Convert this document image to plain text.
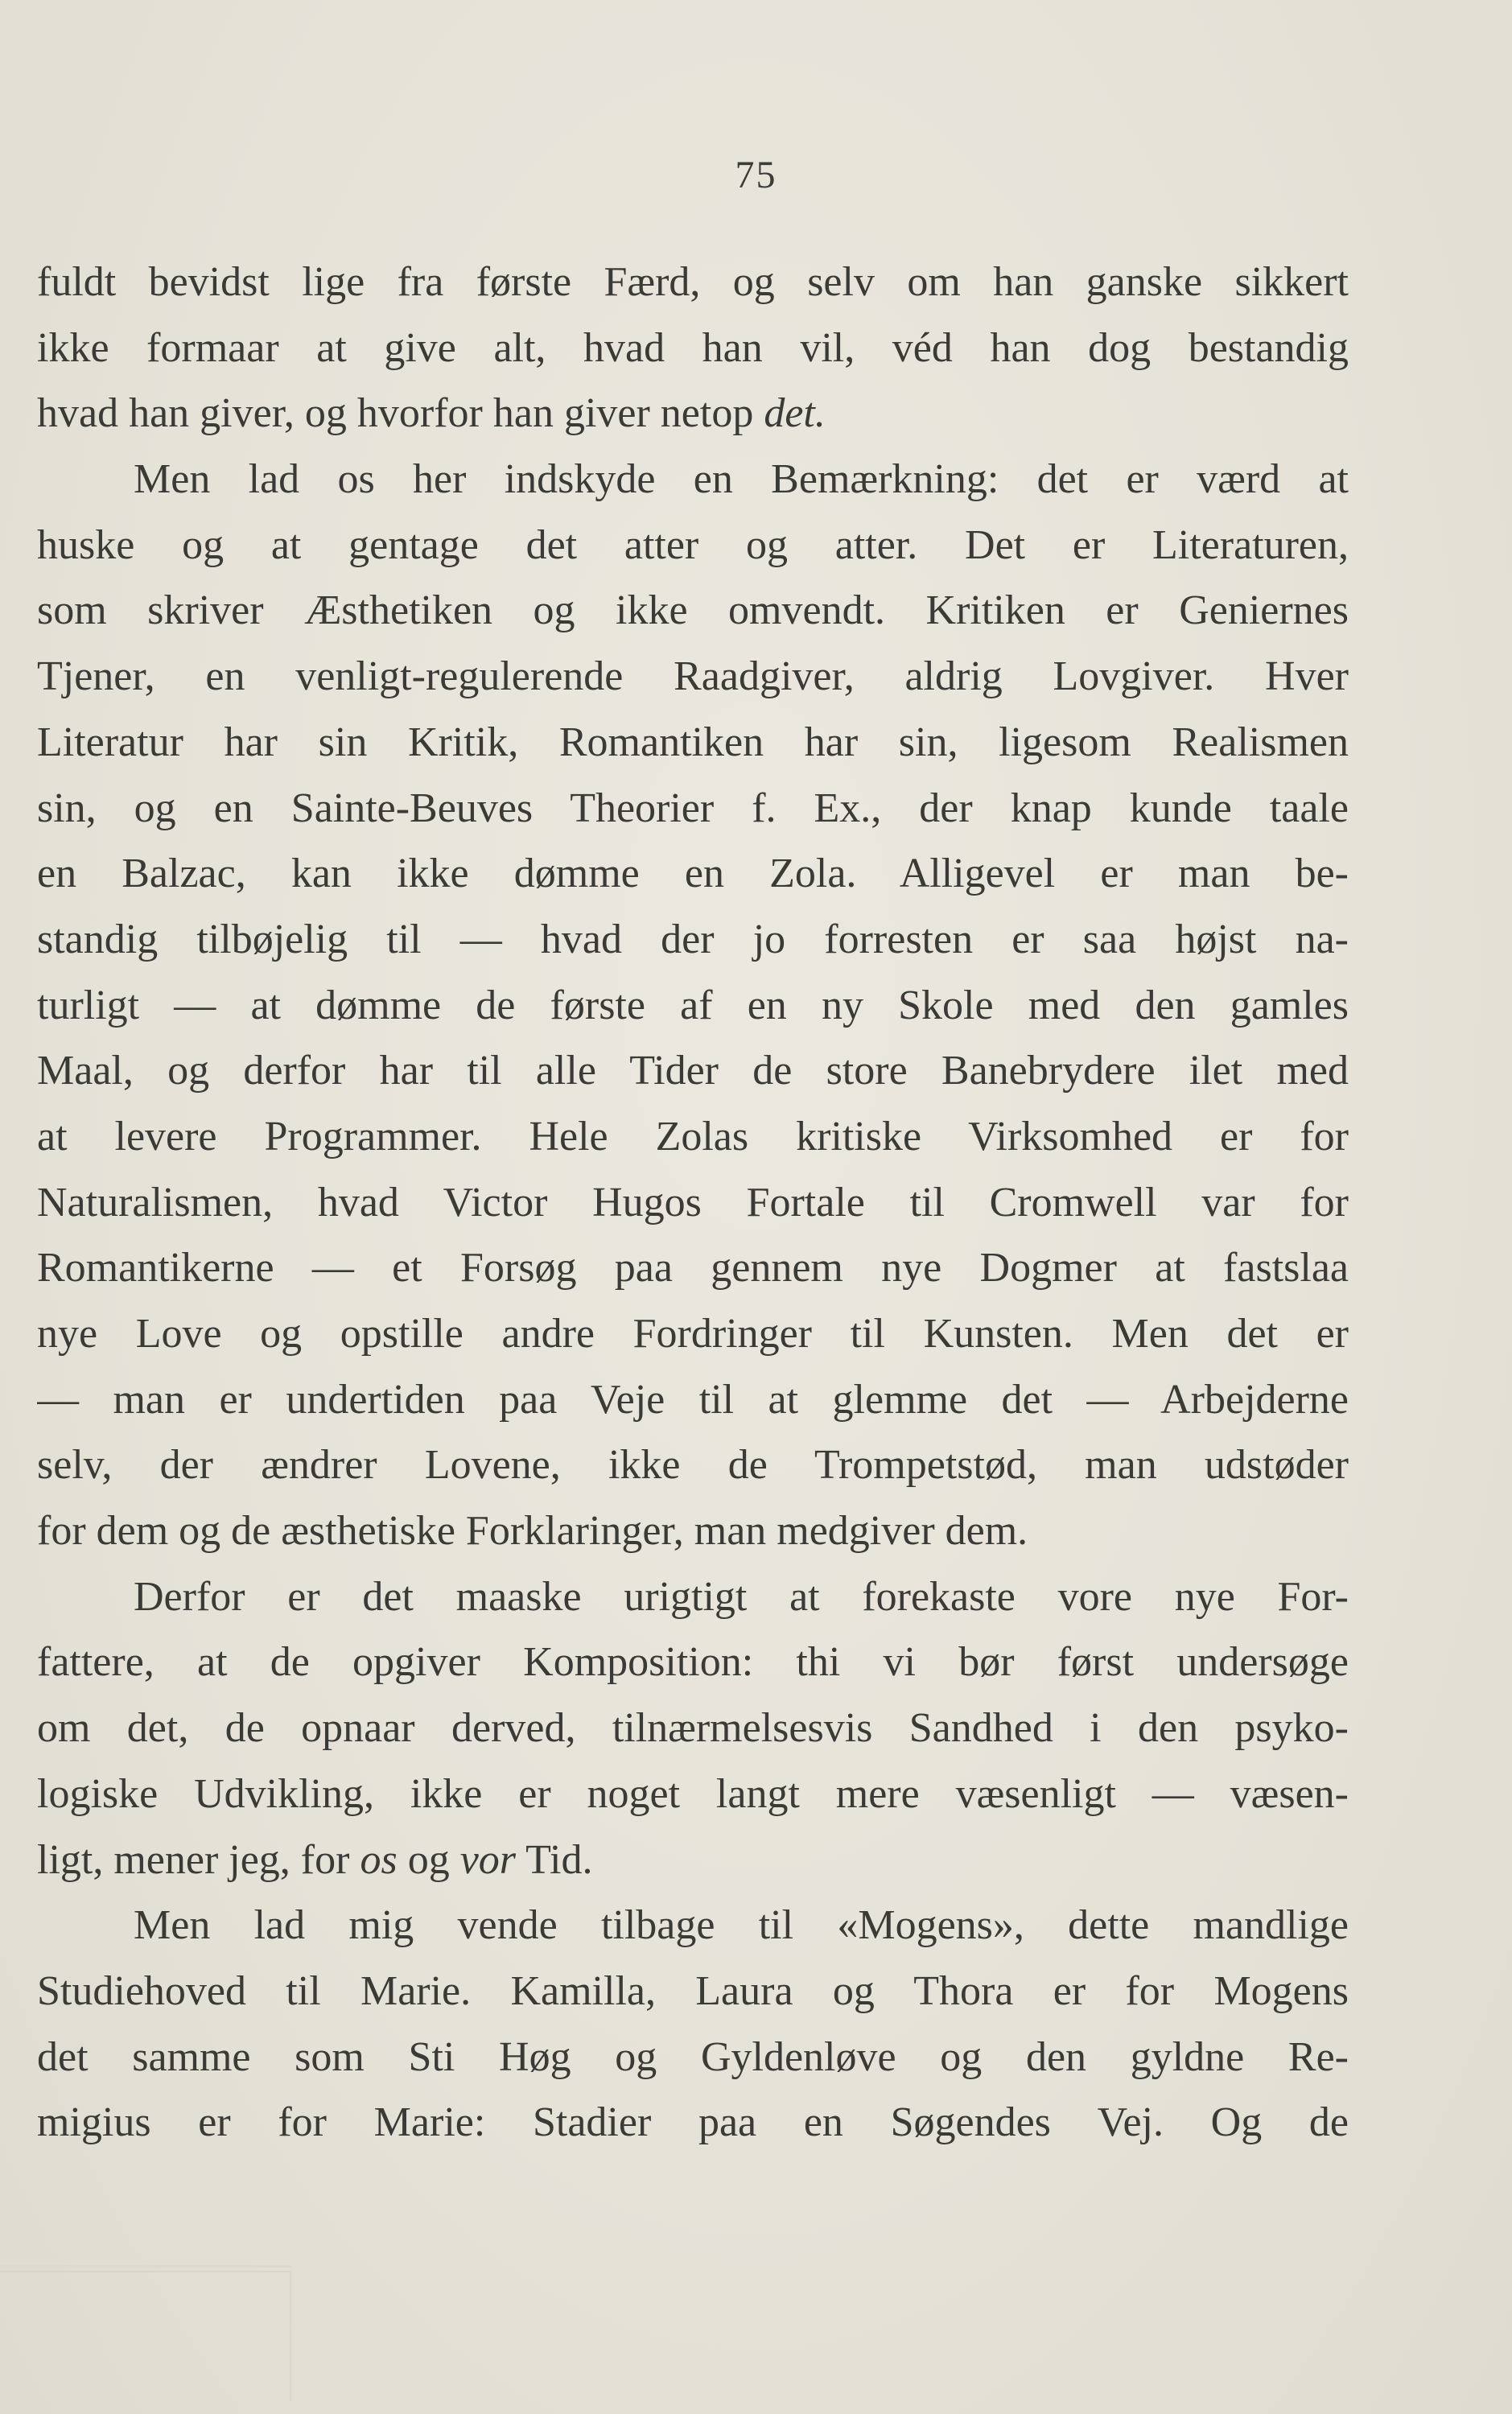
75
fuldt bevidst lige fra første Færd, og selv om han ganske sikkert
ikke formaar at give alt, hvad han vil, véd han dog bestandig
hvad han giver, og hvorfor han giver netop det.
Men lad os her indskyde en Bemærkning: det er værd at
huske og at gentage det atter og atter. Det er Literaturen,
som skriver Æsthetiken og ikke omvendt. Kritiken er Geniernes
Tjener, en venligt-regulerende Raadgiver, aldrig Lovgiver. Hver
Literatur har sin Kritik, Romantiken har sin, ligesom Realismen
sin, og en Sainte-Beuves Theorier f. Ex., der knap kunde taale
en Balzac, kan ikke dømme en Zola. Alligevel er man be-
standig tilbøjelig til — hvad der jo forresten er saa højst na-
turligt — at dømme de første af en ny Skole med den gamles
Maal, og derfor har til alle Tider de store Banebrydere ilet med
at levere Programmer. Hele Zolas kritiske Virksomhed er for
Naturalismen, hvad Victor Hugos Fortale til Cromwell var for
Romantikerne — et Forsøg paa gennem nye Dogmer at fastslaa
nye Love og opstille andre Fordringer til Kunsten. Men det er
— man er undertiden paa Veje til at glemme det — Arbejderne
selv, der ændrer Lovene, ikke de Trompetstød, man udstøder
for dem og de æsthetiske Forklaringer, man medgiver dem.
Derfor er det maaske urigtigt at forekaste vore nye For-
fattere, at de opgiver Komposition: thi vi bør først undersøge
om det, de opnaar derved, tilnærmelsesvis Sandhed i den psyko-
logiske Udvikling, ikke er noget langt mere væsenligt — væsen-
ligt, mener jeg, for os og vor Tid.
Men lad mig vende tilbage til «Mogens», dette mandlige
Studiehoved til Marie. Kamilla, Laura og Thora er for Mogens
det samme som Sti Høg og Gyldenløve og den gyldne Re-
migius er for Marie: Stadier paa en Søgendes Vej. Og de
